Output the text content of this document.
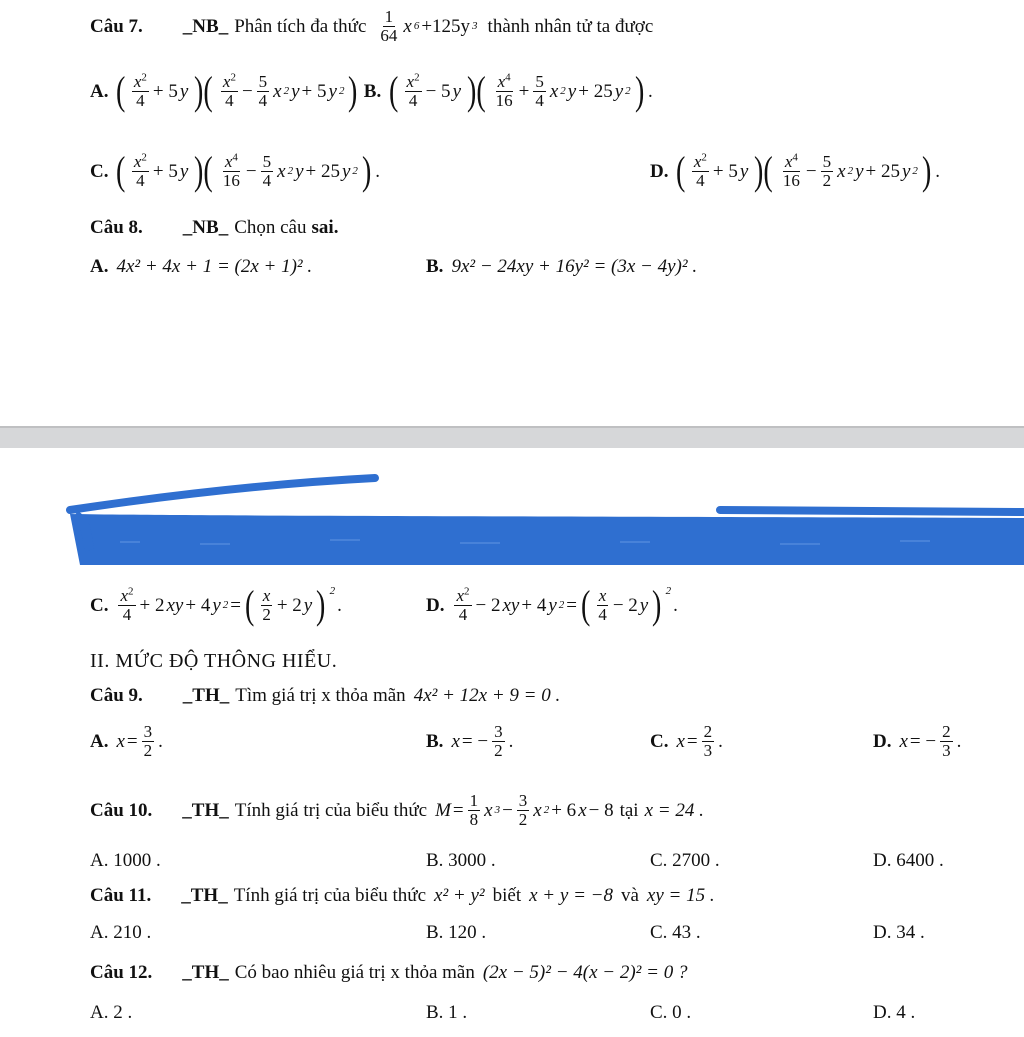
Câu 7. _NB_ Phân tích đa thức $\frac{1}{64}$ x 6 +125y 3 thành nhân tử ta được
A. ( $\frac{x^2}{4} + 5$ y )( $\frac{x^2}{4} - \frac{5}{4}$ x 2 y + 5 y 2 ) B. ( $\frac{x^2}{4} - 5$ y )( $\frac{x^4}{16} + \frac{5}{4}$ x 2 y + 25 y 2 ) .
C. ( $\frac{x^2}{4} + 5$ y )( $\frac{x^4}{16} - \frac{5}{4}$ x 2 y + 25 y 2 ) .	D. ( $\frac{x^2}{4} + 5$ y )( $\frac{x^4}{16} - \frac{5}{2}$ x 2 y + 25 y 2 ) .
Câu 8. _NB_ Chọn câu sai .
A. 4x² + 4x + 1 = (2x + 1)² .	B. 9x² − 24xy + 16y² = (3x − 4y)² .
C. $\frac{x^2}{4} + 2$ xy + 4 y 2 = ( $\frac{x}{2} + 2$ y ) $^2$
.	D. $\frac{x^2}{4} - 2$ xy + 4 y 2 = ( $\frac{x}{4} - 2$ y ) $^2$
.
II. MỨC ĐỘ THÔNG HIỂU.
Câu 9. _TH_ Tìm giá trị x thỏa mãn 4x² + 12x + 9 = 0 .
A. $x = \frac{3}{2}$ .	B. x = − $\frac{3}{2}$ .	C. $x = \frac{2}{3}$ .	D. x = − $\frac{2}{3}$ .
Câu 10. _TH_ Tính giá trị của biểu thức $M = \frac{1}{8}$ x $3 - \frac{3}{2}$ x 2 + 6 x − 8 tại x = 24 .
A. 1000 .	B. 3000 .	C. 2700 .	D. 6400 .
Câu 11. _TH_ Tính giá trị của biểu thức x² + y² biết x + y = −8 và xy = 15 .
A. 210 .	B. 120 .	C. 43 .	D. 34 .
Câu 12. _TH_ Có bao nhiêu giá trị x thỏa mãn (2x − 5)² − 4(x − 2)² = 0 ?
A. 2 .	B. 1 .	C. 0 .	D. 4 .
